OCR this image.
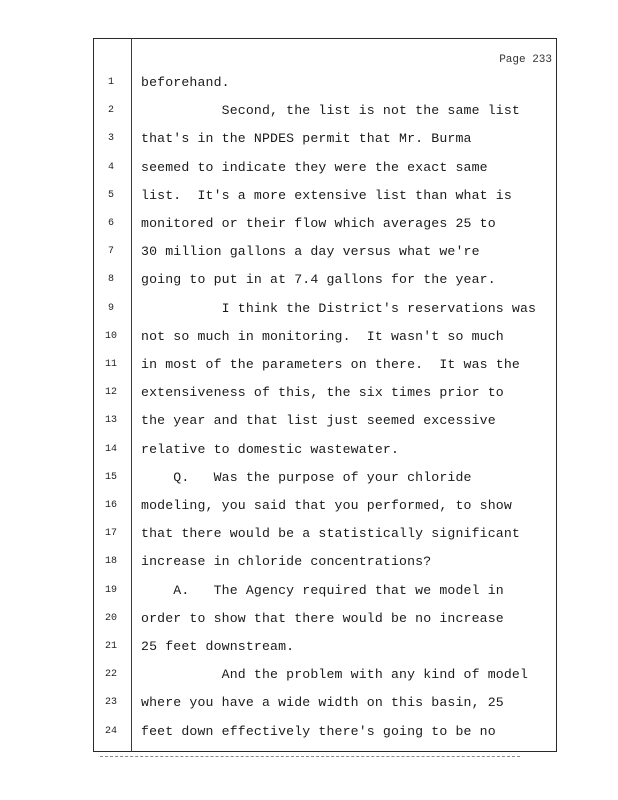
Page 233
1	beforehand.
2	Second, the list is not the same list
3	that's in the NPDES permit that Mr. Burma
4	seemed to indicate they were the exact same
5	list.  It's a more extensive list than what is
6	monitored or their flow which averages 25 to
7	30 million gallons a day versus what we're
8	going to put in at 7.4 gallons for the year.
9	I think the District's reservations was
10	not so much in monitoring.  It wasn't so much
11	in most of the parameters on there.  It was the
12	extensiveness of this, the six times prior to
13	the year and that list just seemed excessive
14	relative to domestic wastewater.
15	Q.   Was the purpose of your chloride
16	modeling, you said that you performed, to show
17	that there would be a statistically significant
18	increase in chloride concentrations?
19	A.   The Agency required that we model in
20	order to show that there would be no increase
21	25 feet downstream.
22	And the problem with any kind of model
23	where you have a wide width on this basin, 25
24	feet down effectively there's going to be no
